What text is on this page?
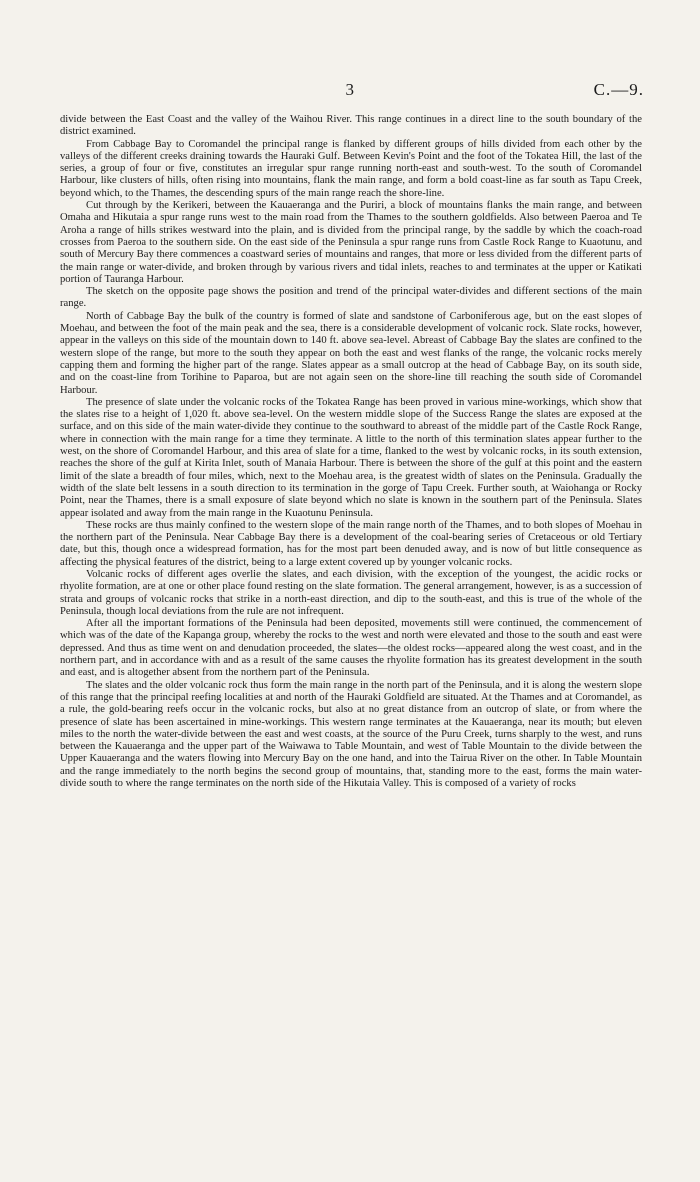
3	C.—9.

divide between the East Coast and the valley of the Waihou River. This range continues in a direct line to the south boundary of the district examined.

From Cabbage Bay to Coromandel the principal range is flanked by different groups of hills divided from each other by the valleys of the different creeks draining towards the Hauraki Gulf. Between Kevin's Point and the foot of the Tokatea Hill, the last of the series, a group of four or five, constitutes an irregular spur range running north-east and south-west. To the south of Coromandel Harbour, like clusters of hills, often rising into mountains, flank the main range, and form a bold coast-line as far south as Tapu Creek, beyond which, to the Thames, the descending spurs of the main range reach the shore-line.

Cut through by the Kerikeri, between the Kauaeranga and the Puriri, a block of mountains flanks the main range, and between Omaha and Hikutaia a spur range runs west to the main road from the Thames to the southern goldfields. Also between Paeroa and Te Aroha a range of hills strikes westward into the plain, and is divided from the principal range, by the saddle by which the coach-road crosses from Paeroa to the southern side. On the east side of the Peninsula a spur range runs from Castle Rock Range to Kuaotunu, and south of Mercury Bay there commences a coastward series of mountains and ranges, that more or less divided from the different parts of the main range or water-divide, and broken through by various rivers and tidal inlets, reaches to and terminates at the upper or Katikati portion of Tauranga Harbour.

The sketch on the opposite page shows the position and trend of the principal water-divides and different sections of the main range.

North of Cabbage Bay the bulk of the country is formed of slate and sandstone of Carboniferous age, but on the east slopes of Moehau, and between the foot of the main peak and the sea, there is a considerable development of volcanic rock. Slate rocks, however, appear in the valleys on this side of the mountain down to 140 ft. above sea-level. Abreast of Cabbage Bay the slates are confined to the western slope of the range, but more to the south they appear on both the east and west flanks of the range, the volcanic rocks merely capping them and forming the higher part of the range. Slates appear as a small outcrop at the head of Cabbage Bay, on its south side, and on the coast-line from Torihine to Paparoa, but are not again seen on the shore-line till reaching the south side of Coromandel Harbour.

The presence of slate under the volcanic rocks of the Tokatea Range has been proved in various mine-workings, which show that the slates rise to a height of 1,020 ft. above sea-level. On the western middle slope of the Success Range the slates are exposed at the surface, and on this side of the main water-divide they continue to the southward to abreast of the middle part of the Castle Rock Range, where in connection with the main range for a time they terminate. A little to the north of this termination slates appear further to the west, on the shore of Coromandel Harbour, and this area of slate for a time, flanked to the west by volcanic rocks, in its south extension, reaches the shore of the gulf at Kirita Inlet, south of Manaia Harbour. There is between the shore of the gulf at this point and the eastern limit of the slate a breadth of four miles, which, next to the Moehau area, is the greatest width of slates on the Peninsula. Gradually the width of the slate belt lessens in a south direction to its termination in the gorge of Tapu Creek. Further south, at Waiohanga or Rocky Point, near the Thames, there is a small exposure of slate beyond which no slate is known in the southern part of the Peninsula. Slates appear isolated and away from the main range in the Kuaotunu Peninsula.

These rocks are thus mainly confined to the western slope of the main range north of the Thames, and to both slopes of Moehau in the northern part of the Peninsula. Near Cabbage Bay there is a development of the coal-bearing series of Cretaceous or old Tertiary date, but this, though once a widespread formation, has for the most part been denuded away, and is now of but little consequence as affecting the physical features of the district, being to a large extent covered up by younger volcanic rocks.

Volcanic rocks of different ages overlie the slates, and each division, with the exception of the youngest, the acidic rocks or rhyolite formation, are at one or other place found resting on the slate formation. The general arrangement, however, is as a succession of strata and groups of volcanic rocks that strike in a north-east direction, and dip to the south-east, and this is true of the whole of the Peninsula, though local deviations from the rule are not infrequent.

After all the important formations of the Peninsula had been deposited, movements still were continued, the commencement of which was of the date of the Kapanga group, whereby the rocks to the west and north were elevated and those to the south and east were depressed. And thus as time went on and denudation proceeded, the slates—the oldest rocks—appeared along the west coast, and in the northern part, and in accordance with and as a result of the same causes the rhyolite formation has its greatest development in the south and east, and is altogether absent from the northern part of the Peninsula.

The slates and the older volcanic rock thus form the main range in the north part of the Peninsula, and it is along the western slope of this range that the principal reefing localities at and north of the Hauraki Goldfield are situated. At the Thames and at Coromandel, as a rule, the gold-bearing reefs occur in the volcanic rocks, but also at no great distance from an outcrop of slate, or from where the presence of slate has been ascertained in mine-workings. This western range terminates at the Kauaeranga, near its mouth; but eleven miles to the north the water-divide between the east and west coasts, at the source of the Puru Creek, turns sharply to the west, and runs between the Kauaeranga and the upper part of the Waiwawa to Table Mountain, and west of Table Mountain to the divide between the Upper Kauaeranga and the waters flowing into Mercury Bay on the one hand, and into the Tairua River on the other. In Table Mountain and the range immediately to the north begins the second group of mountains, that, standing more to the east, forms the main water-divide south to where the range terminates on the north side of the Hikutaia Valley. This is composed of a variety of rocks
